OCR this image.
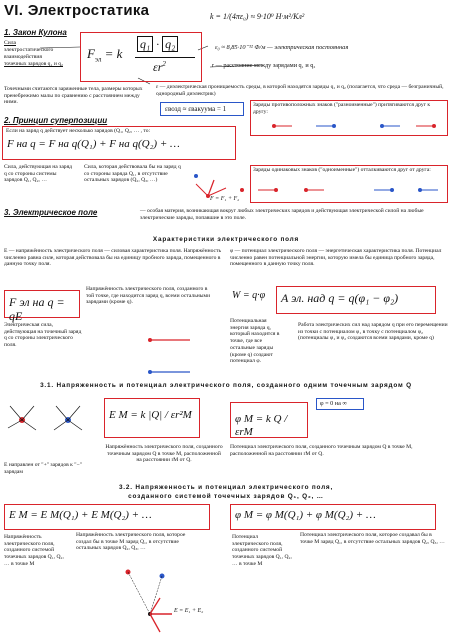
VI. Электростатика
1. Закон Кулона
Сила
электростатического
взаимодействия
точечных зарядов q₁ и q₂
$F_{эл} = k$
q₁ · q₂
$\varepsilon r^2$
k = 1/(4πε₀) ≈ 9·10⁹ Н·м²/Кл²
ε₀ ≈ 8,85·10⁻¹² Ф/м — электрическая постоянная
r — расстояние между зарядами q₁ и q₂
Точечными считаются заряженные тела, размеры которых пренебрежимо малы по сравнению с расстоянием между ними.
ε — диэлектрическая проницаемость среды, в которой находятся заряды q₁ и q₂ (полагается, что среда — безграничный, однородный диэлектрик)
εвозд ≈ εвакуума = 1	Заряды противоположных знаков ("разноименные") притягиваются друг к другу:
Заряды одинаковых знаков ("одноименные") отталкиваются друг от друга:
2. Принцип суперпозиции
Если на заряд q действует несколько зарядов (Q₁, Q₂, … , то:
F на q = F на q(Q₁) + F на q(Q₂) + …
Сила, действующая на заряд q со стороны системы зарядов Q₁, Q₂, …
Сила, которая действовала бы на заряд q со стороны заряда Q₁, в отсутствие остальных зарядов (Q₂, Q₃, …)
F = F₁ + F₂
3. Электрическое поле	— особая материя, возникающая вокруг любых электрических зарядов и действующая электрической силой на любые электрические заряды, попавшие в это поле.
Характеристики электрического поля
E — напряжённость электрического поля — силовая характеристика поля. Напряжённость численно равна силе, которая действовала бы на единицу пробного заряда, помещенного в данную точку поля.
φ — потенциал электрического поля — энергетическая характеристика поля. Потенциал численно равен потенциальной энергии, которую имела бы единица пробного заряда, помещенного в данную точку поля.
F эл на q = qE
Напряжённость электрического поля, созданного в той точке, где находится заряд q, всеми остальными зарядами (кроме q).
Электрическая сила, действующая на точечный заряд q со стороны электрического поля.
W = q·φ	A эл. над q = q(φ₁ − φ₂)
Потенциальная энергия заряда q, который находится в точке, где все остальные заряды (кроме q) создают потенциал φ.
Работа электрических сил над зарядом q при его перемещении из точки с потенциалом φ₁ в точку с потенциалом φ₂ (потенциалы φ₁ и φ₂ создаются всеми зарядами, кроме q)
3.1. Напряженность и потенциал электрического поля, созданного одним точечным зарядом Q
E направлен от "+" зарядов к "−" зарядам
E M = k |Q| / εr²M
Напряжённость электрического поля, созданного точечным зарядом Q в точке M, расположенной на расстоянии rM от Q.
φ M = k Q / εrM
φ = 0 на ∞
Потенциал электрического поля, созданного точечным зарядом Q в точке M, расположенной на расстоянии rM от Q.
3.2. Напряженность и потенциал электрического поля,
созданного системой точечных зарядов Q₁, Q₂, …
E M = E M(Q₁) + E M(Q₂) + …
Напряжённость электрического поля, созданного системой точечных зарядов Q₁, Q₂, … в точке M
Напряжённость электрического поля, которое создал бы в точке M заряд Q₁, в отсутствие остальных зарядов Q₂, Q₃, …
φ M = φ M(Q₁) + φ M(Q₂) + …
Потенциал электрического поля, созданного системой точечных зарядов Q₁, Q₂, … в точке M
Потенциал электрического поля, которое создавал бы в точке M заряд Q₁, в отсутствие остальных зарядов Q₂, Q₃, …
E = E₁ + E₂
